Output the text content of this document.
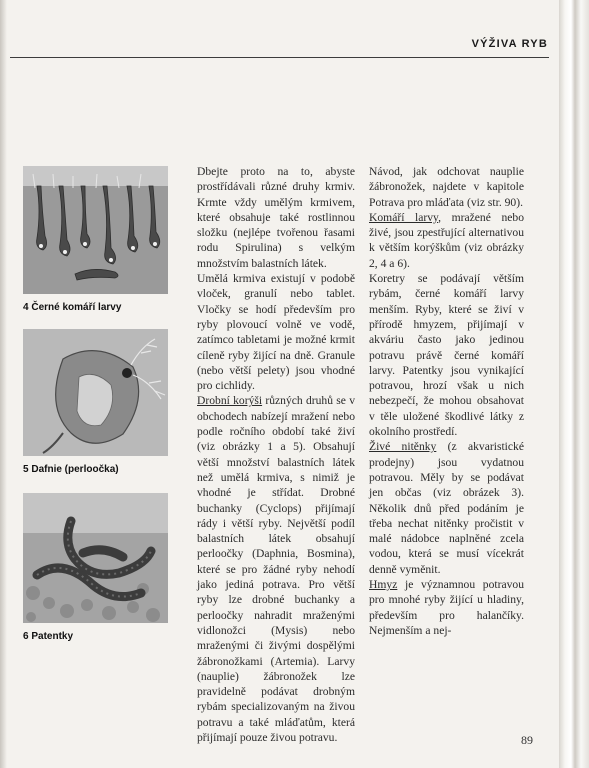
VÝŽIVA RYB
4 Černé komáří larvy
5 Dafnie (perloočka)
6 Patentky

Dbejte proto na to, abyste prostřídávali různé druhy krmiv. Krmte vždy umělým krmivem, které obsahuje také rostlinnou složku (nejlépe tvořenou řasami rodu Spirulina) s velkým množstvím balastních látek.

Umělá krmiva existují v podobě vloček, granulí nebo tablet. Vločky se hodí především pro ryby plovoucí volně ve vodě, zatímco tabletami je možné krmit cíleně ryby žijící na dně. Granule (nebo větší pelety) jsou vhodné pro cichlidy.

Drobní korýši různých druhů se v obchodech nabízejí mražení nebo podle ročního období také živí (viz obrázky 1 a 5). Obsahují větší množství balastních látek než umělá krmiva, s nimiž je vhodné je střídat. Drobné buchanky (Cyclops) přijímají rády i větší ryby. Největší podíl balastních látek obsahují perloočky (Daphnia, Bosmina), které se pro žádné ryby nehodí jako jediná potrava. Pro větší ryby lze drobné buchanky a perloočky nahradit mraženými vidlonožci (Mysis) nebo mraženými či živými dospělými žábronožkami (Artemia). Larvy (nauplie) žábronožek lze pravidelně podávat drobným rybám specializovaným na živou potravu a také mláďatům, která přijímají pouze živou potravu.

Návod, jak odchovat nauplie žábronožek, najdete v kapitole Potrava pro mláďata (viz str. 90).

Komáří larvy, mražené nebo živé, jsou zpestřující alternativou k větším korýškům (viz obrázky 2, 4 a 6).

Koretry se podávají větším rybám, černé komáří larvy menším. Ryby, které se živí v přírodě hmyzem, přijímají v akváriu často jako jedinou potravu právě černé komáří larvy. Patentky jsou vynikající potravou, hrozí však u nich nebezpečí, že mohou obsahovat v těle uložené škodlivé látky z okolního prostředí.

Živé nitěnky (z akvaristické prodejny) jsou vydatnou potravou. Měly by se podávat jen občas (viz obrázek 3). Několik dnů před podáním je třeba nechat nitěnky pročistit v malé nádobce naplněné zcela vodou, která se musí vícekrát denně vyměnit.

Hmyz je významnou potravou pro mnohé ryby žijící u hladiny, především pro halančíky. Nejmenším a nej-

89
